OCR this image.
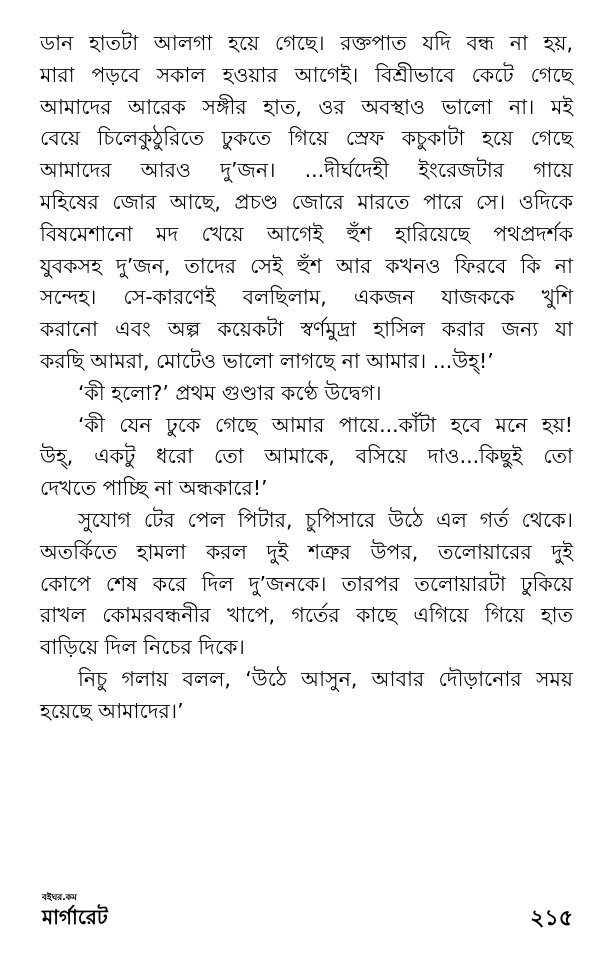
ডান হাতটা আলগা হয়ে গেছে। রক্তপাত যদি বন্ধ না হয়,
মারা পড়বে সকাল হওয়ার আগেই। বিশ্রীভাবে কেটে গেছে
আমাদের আরেক সঙ্গীর হাত, ওর অবস্থাও ভালো না। মই
বেয়ে চিলেকুঠুরিতে ঢুকতে গিয়ে স্রেফ কচুকাটা হয়ে গেছে
আমাদের আরও দু’জন। ...দীর্ঘদেহী ইংরেজটার গায়ে
মহিষের জোর আছে, প্রচণ্ড জোরে মারতে পারে সে। ওদিকে
বিষমেশানো মদ খেয়ে আগেই হুঁশ হারিয়েছে পথপ্রদর্শক
যুবকসহ দু’জন, তাদের সেই হুঁশ আর কখনও ফিরবে কি না
সন্দেহ। সে-কারণেই বলছিলাম, একজন যাজককে খুশি
করানো এবং অল্প কয়েকটা স্বর্ণমুদ্রা হাসিল করার জন্য যা
করছি আমরা, মোটেও ভালো লাগছে না আমার। ...উহ্!’
‘কী হলো?’ প্রথম গুণ্ডার কণ্ঠে উদ্বেগ।
‘কী যেন ঢুকে গেছে আমার পায়ে...কাঁটা হবে মনে হয়!
উহ্, একটু ধরো তো আমাকে, বসিয়ে দাও...কিছুই তো
দেখতে পাচ্ছি না অন্ধকারে!’
সুযোগ টের পেল পিটার, চুপিসারে উঠে এল গর্ত থেকে।
অতর্কিতে হামলা করল দুই শত্রুর উপর, তলোয়ারের দুই
কোপে শেষ করে দিল দু’জনকে। তারপর তলোয়ারটা ঢুকিয়ে
রাখল কোমরবন্ধনীর খাপে, গর্তের কাছে এগিয়ে গিয়ে হাত
বাড়িয়ে দিল নিচের দিকে।
নিচু গলায় বলল, ‘উঠে আসুন, আবার দৌড়ানোর সময়
হয়েছে আমাদের।’
বইঘর.কম
মার্গারেট	২১৫
